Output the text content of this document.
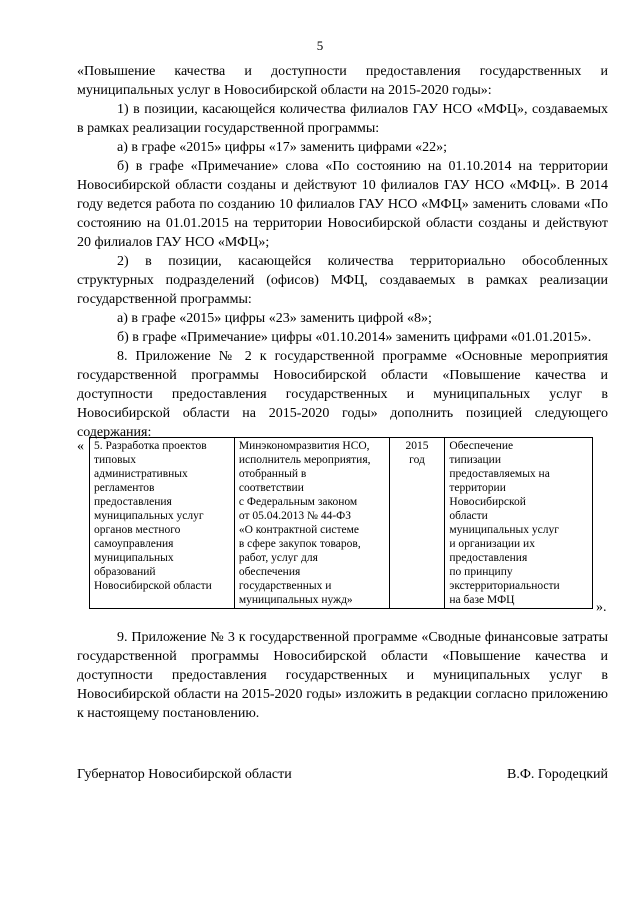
5

«Повышение качества и доступности предоставления государственных и муниципальных услуг в Новосибирской области на 2015-2020 годы»:

1) в позиции, касающейся количества филиалов ГАУ НСО «МФЦ», создаваемых в рамках реализации государственной программы:

а) в графе «2015» цифры «17» заменить цифрами «22»;

б) в графе «Примечание» слова «По состоянию на 01.10.2014 на территории Новосибирской области созданы и действуют 10 филиалов ГАУ НСО «МФЦ». В 2014 году ведется работа по созданию 10 филиалов ГАУ НСО «МФЦ» заменить словами «По состоянию на 01.01.2015 на территории Новосибирской области созданы и действуют 20 филиалов ГАУ НСО «МФЦ»;

2) в позиции, касающейся количества территориально обособленных структурных подразделений (офисов) МФЦ, создаваемых в рамках реализации государственной программы:

а) в графе «2015» цифры «23» заменить цифрой «8»;

б) в графе «Примечание» цифры «01.10.2014» заменить цифрами «01.01.2015».

8. Приложение № 2 к государственной программе «Основные мероприятия государственной программы Новосибирской области «Повышение качества и доступности предоставления государственных и муниципальных услуг в Новосибирской области на 2015-2020 годы» дополнить позицией следующего содержания:

« 5. Разработка проектов
типовых
административных
регламентов
предоставления
муниципальных услуг
органов местного
самоуправления
муниципальных
образований
Новосибирской области	Минэкономразвития НСО,
исполнитель мероприятия,
отобранный в
соответствии
с Федеральным законом
от 05.04.2013 № 44-ФЗ
«О контрактной системе
в сфере закупок товаров,
работ, услуг для
обеспечения
государственных и
муниципальных нужд»	2015
год	Обеспечение
типизации
предоставляемых на
территории
Новосибирской
области
муниципальных услуг
и организации их
предоставления
по принципу
экстерриториальности
на базе МФЦ	».

9. Приложение № 3 к государственной программе «Сводные финансовые затраты государственной программы Новосибирской области «Повышение качества и доступности предоставления государственных и муниципальных услуг в Новосибирской области на 2015-2020 годы» изложить в редакции согласно приложению к настоящему постановлению.

Губернатор Новосибирской области	В.Ф. Городецкий
